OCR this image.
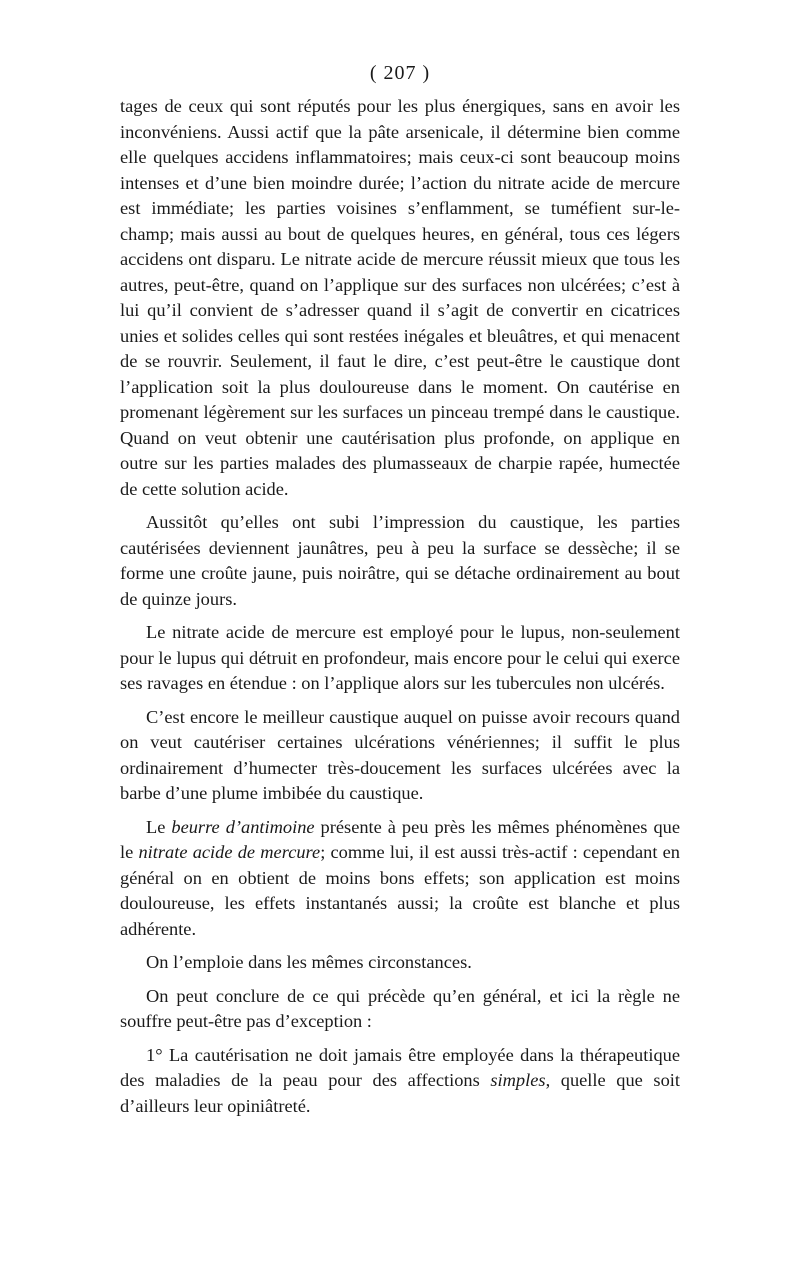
( 207 )

tages de ceux qui sont réputés pour les plus énergiques, sans en avoir les inconvéniens. Aussi actif que la pâte arsenicale, il détermine bien comme elle quelques accidens inflammatoires; mais ceux-ci sont beaucoup moins intenses et d’une bien moindre durée; l’action du nitrate acide de mercure est immédiate; les parties voisines s’enflamment, se tuméfient sur-le-champ; mais aussi au bout de quelques heures, en général, tous ces légers accidens ont disparu. Le nitrate acide de mercure réussit mieux que tous les autres, peut-être, quand on l’applique sur des surfaces non ulcérées; c’est à lui qu’il convient de s’adresser quand il s’agit de convertir en cicatrices unies et solides celles qui sont restées inégales et bleuâtres, et qui menacent de se rouvrir. Seulement, il faut le dire, c’est peut-être le caustique dont l’application soit la plus douloureuse dans le moment. On cautérise en promenant légèrement sur les surfaces un pinceau trempé dans le caustique. Quand on veut obtenir une cautérisation plus profonde, on applique en outre sur les parties malades des plumasseaux de charpie rapée, humectée de cette solution acide.

Aussitôt qu’elles ont subi l’impression du caustique, les parties cautérisées deviennent jaunâtres, peu à peu la surface se dessèche; il se forme une croûte jaune, puis noirâtre, qui se détache ordinairement au bout de quinze jours.

Le nitrate acide de mercure est employé pour le lupus, non-seulement pour le lupus qui détruit en profondeur, mais encore pour le celui qui exerce ses ravages en étendue : on l’applique alors sur les tubercules non ulcérés.

C’est encore le meilleur caustique auquel on puisse avoir recours quand on veut cautériser certaines ulcérations vénériennes; il suffit le plus ordinairement d’humecter très-doucement les surfaces ulcérées avec la barbe d’une plume imbibée du caustique.

Le beurre d’antimoine présente à peu près les mêmes phénomènes que le nitrate acide de mercure; comme lui, il est aussi très-actif : cependant en général on en obtient de moins bons effets; son application est moins douloureuse, les effets instantanés aussi; la croûte est blanche et plus adhérente.

On l’emploie dans les mêmes circonstances.

On peut conclure de ce qui précède qu’en général, et ici la règle ne souffre peut-être pas d’exception :

1° La cautérisation ne doit jamais être employée dans la thérapeutique des maladies de la peau pour des affections simples, quelle que soit d’ailleurs leur opiniâtreté.
